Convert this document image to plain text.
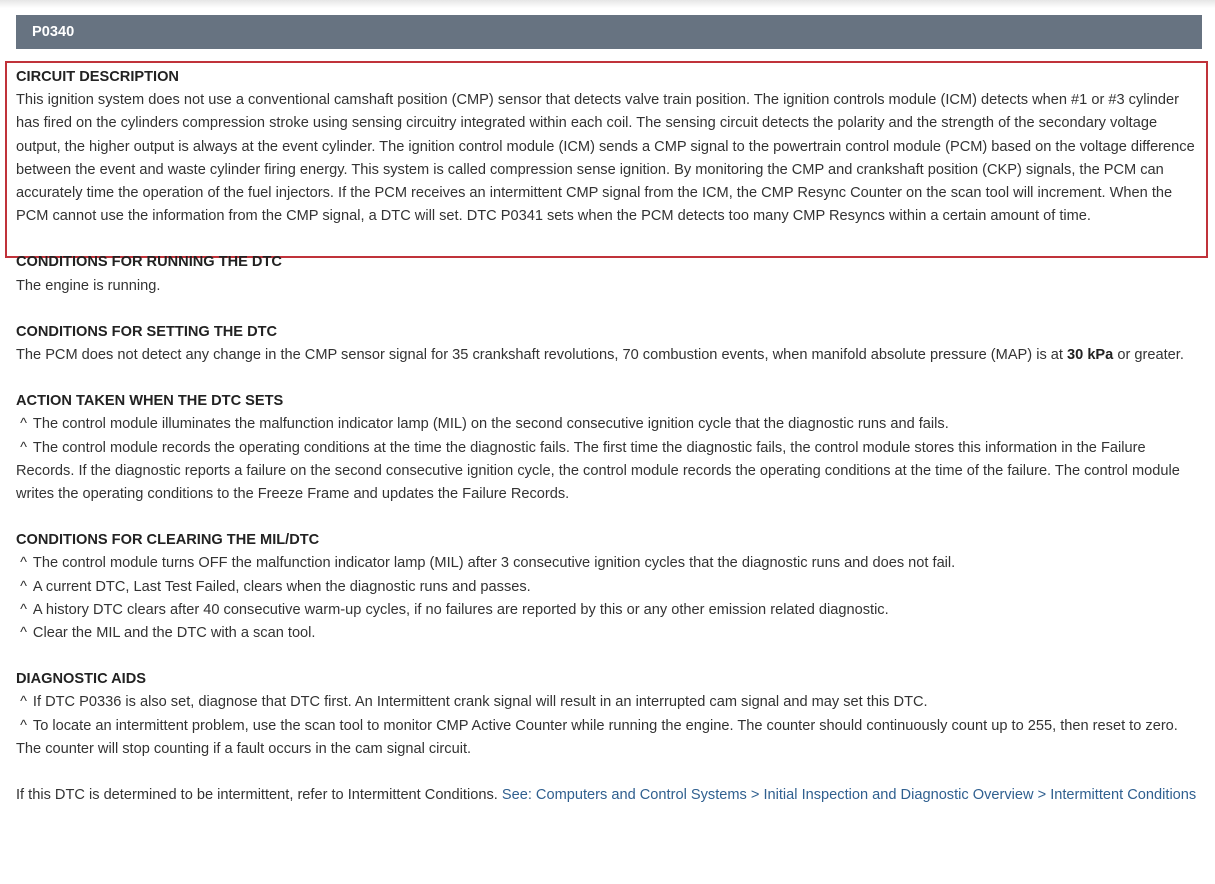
P0340

CIRCUIT DESCRIPTION

This ignition system does not use a conventional camshaft position (CMP) sensor that detects valve train position. The ignition controls module (ICM) detects when #1 or #3 cylinder has fired on the cylinders compression stroke using sensing circuitry integrated within each coil. The sensing circuit detects the polarity and the strength of the secondary voltage output, the higher output is always at the event cylinder. The ignition control module (ICM) sends a CMP signal to the powertrain control module (PCM) based on the voltage difference between the event and waste cylinder firing energy. This system is called compression sense ignition. By monitoring the CMP and crankshaft position (CKP) signals, the PCM can accurately time the operation of the fuel injectors. If the PCM receives an intermittent CMP signal from the ICM, the CMP Resync Counter on the scan tool will increment. When the PCM cannot use the information from the CMP signal, a DTC will set. DTC P0341 sets when the PCM detects too many CMP Resyncs within a certain amount of time.

CONDITIONS FOR RUNNING THE DTC

The engine is running.

CONDITIONS FOR SETTING THE DTC

The PCM does not detect any change in the CMP sensor signal for 35 crankshaft revolutions, 70 combustion events, when manifold absolute pressure (MAP) is at 30 kPa or greater.

ACTION TAKEN WHEN THE DTC SETS

^ The control module illuminates the malfunction indicator lamp (MIL) on the second consecutive ignition cycle that the diagnostic runs and fails.

^ The control module records the operating conditions at the time the diagnostic fails. The first time the diagnostic fails, the control module stores this information in the Failure Records. If the diagnostic reports a failure on the second consecutive ignition cycle, the control module records the operating conditions at the time of the failure. The control module writes the operating conditions to the Freeze Frame and updates the Failure Records.

CONDITIONS FOR CLEARING THE MIL/DTC

^ The control module turns OFF the malfunction indicator lamp (MIL) after 3 consecutive ignition cycles that the diagnostic runs and does not fail.

^ A current DTC, Last Test Failed, clears when the diagnostic runs and passes.

^ A history DTC clears after 40 consecutive warm-up cycles, if no failures are reported by this or any other emission related diagnostic.

^ Clear the MIL and the DTC with a scan tool.

DIAGNOSTIC AIDS

^ If DTC P0336 is also set, diagnose that DTC first. An Intermittent crank signal will result in an interrupted cam signal and may set this DTC.

^ To locate an intermittent problem, use the scan tool to monitor CMP Active Counter while running the engine. The counter should continuously count up to 255, then reset to zero. The counter will stop counting if a fault occurs in the cam signal circuit.

If this DTC is determined to be intermittent, refer to Intermittent Conditions. See: Computers and Control Systems > Initial Inspection and Diagnostic Overview > Intermittent Conditions
